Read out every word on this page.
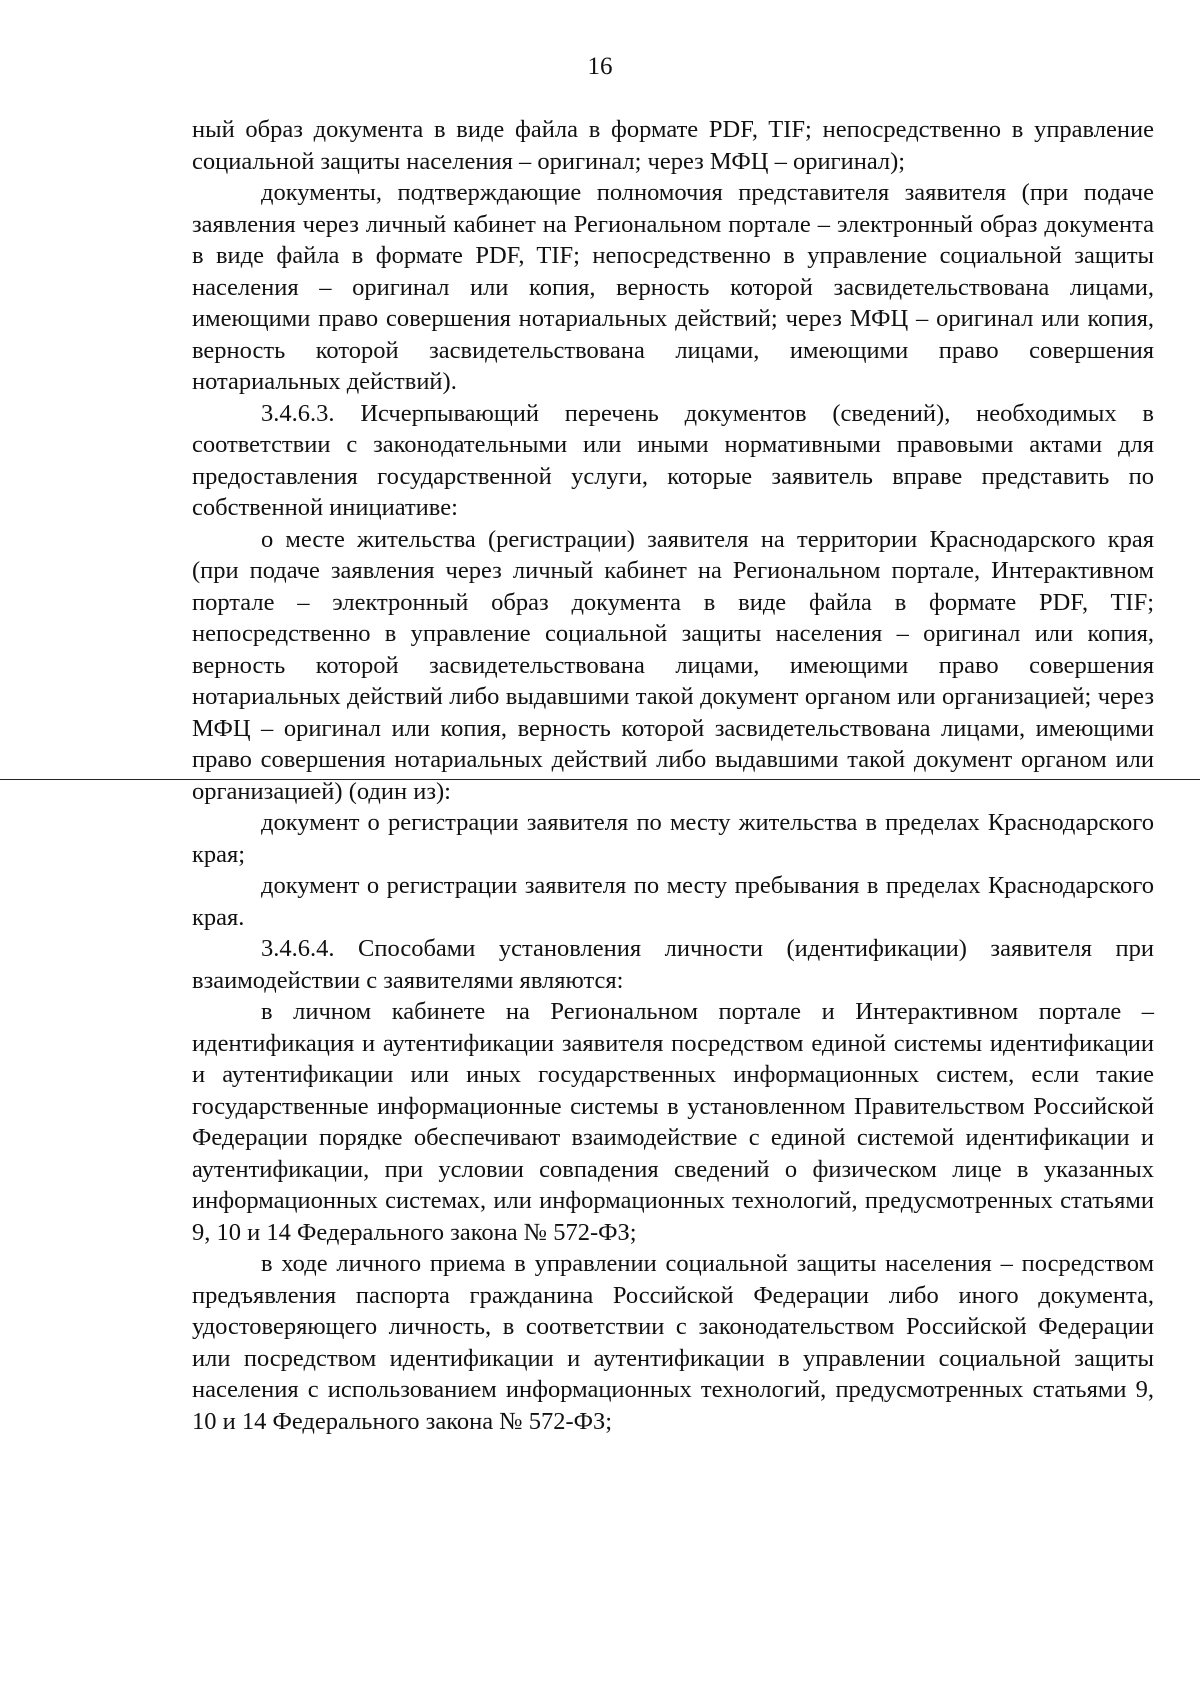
16

ный образ документа в виде файла в формате PDF, TIF; непосредственно в управление социальной защиты населения – оригинал; через МФЦ – оригинал);

документы, подтверждающие полномочия представителя заявителя (при подаче заявления через личный кабинет на Региональном портале – электронный образ документа в виде файла в формате PDF, TIF; непосредственно в управление социальной защиты населения – оригинал или копия, верность которой засвидетельствована лицами, имеющими право совершения нотариальных действий; через МФЦ – оригинал или копия, верность которой засвидетельствована лицами, имеющими право совершения нотариальных действий).

3.4.6.3. Исчерпывающий перечень документов (сведений), необходимых в соответствии с законодательными или иными нормативными правовыми актами для предоставления государственной услуги, которые заявитель вправе представить по собственной инициативе:

о месте жительства (регистрации) заявителя на территории Краснодарского края (при подаче заявления через личный кабинет на Региональном портале, Интерактивном портале – электронный образ документа в виде файла в формате PDF, TIF; непосредственно в управление социальной защиты населения – оригинал или копия, верность которой засвидетельствована лицами, имеющими право совершения нотариальных действий либо выдавшими такой документ органом или организацией; через МФЦ – оригинал или копия, верность которой засвидетельствована лицами, имеющими право совершения нотариальных действий либо выдавшими такой документ органом или организацией) (один из):

документ о регистрации заявителя по месту жительства в пределах Краснодарского края;

документ о регистрации заявителя по месту пребывания в пределах Краснодарского края.

3.4.6.4. Способами установления личности (идентификации) заявителя при взаимодействии с заявителями являются:

в личном кабинете на Региональном портале и Интерактивном портале – идентификация и аутентификации заявителя посредством единой системы идентификации и аутентификации или иных государственных информационных систем, если такие государственные информационные системы в установленном Правительством Российской Федерации порядке обеспечивают взаимодействие с единой системой идентификации и аутентификации, при условии совпадения сведений о физическом лице в указанных информационных системах, или информационных технологий, предусмотренных статьями 9, 10 и 14 Федерального закона № 572-ФЗ;

в ходе личного приема в управлении социальной защиты населения – посредством предъявления паспорта гражданина Российской Федерации либо иного документа, удостоверяющего личность, в соответствии с законодательством Российской Федерации или посредством идентификации и аутентификации в управлении социальной защиты населения с использованием информационных технологий, предусмотренных статьями 9, 10 и 14 Федерального закона № 572-ФЗ;
